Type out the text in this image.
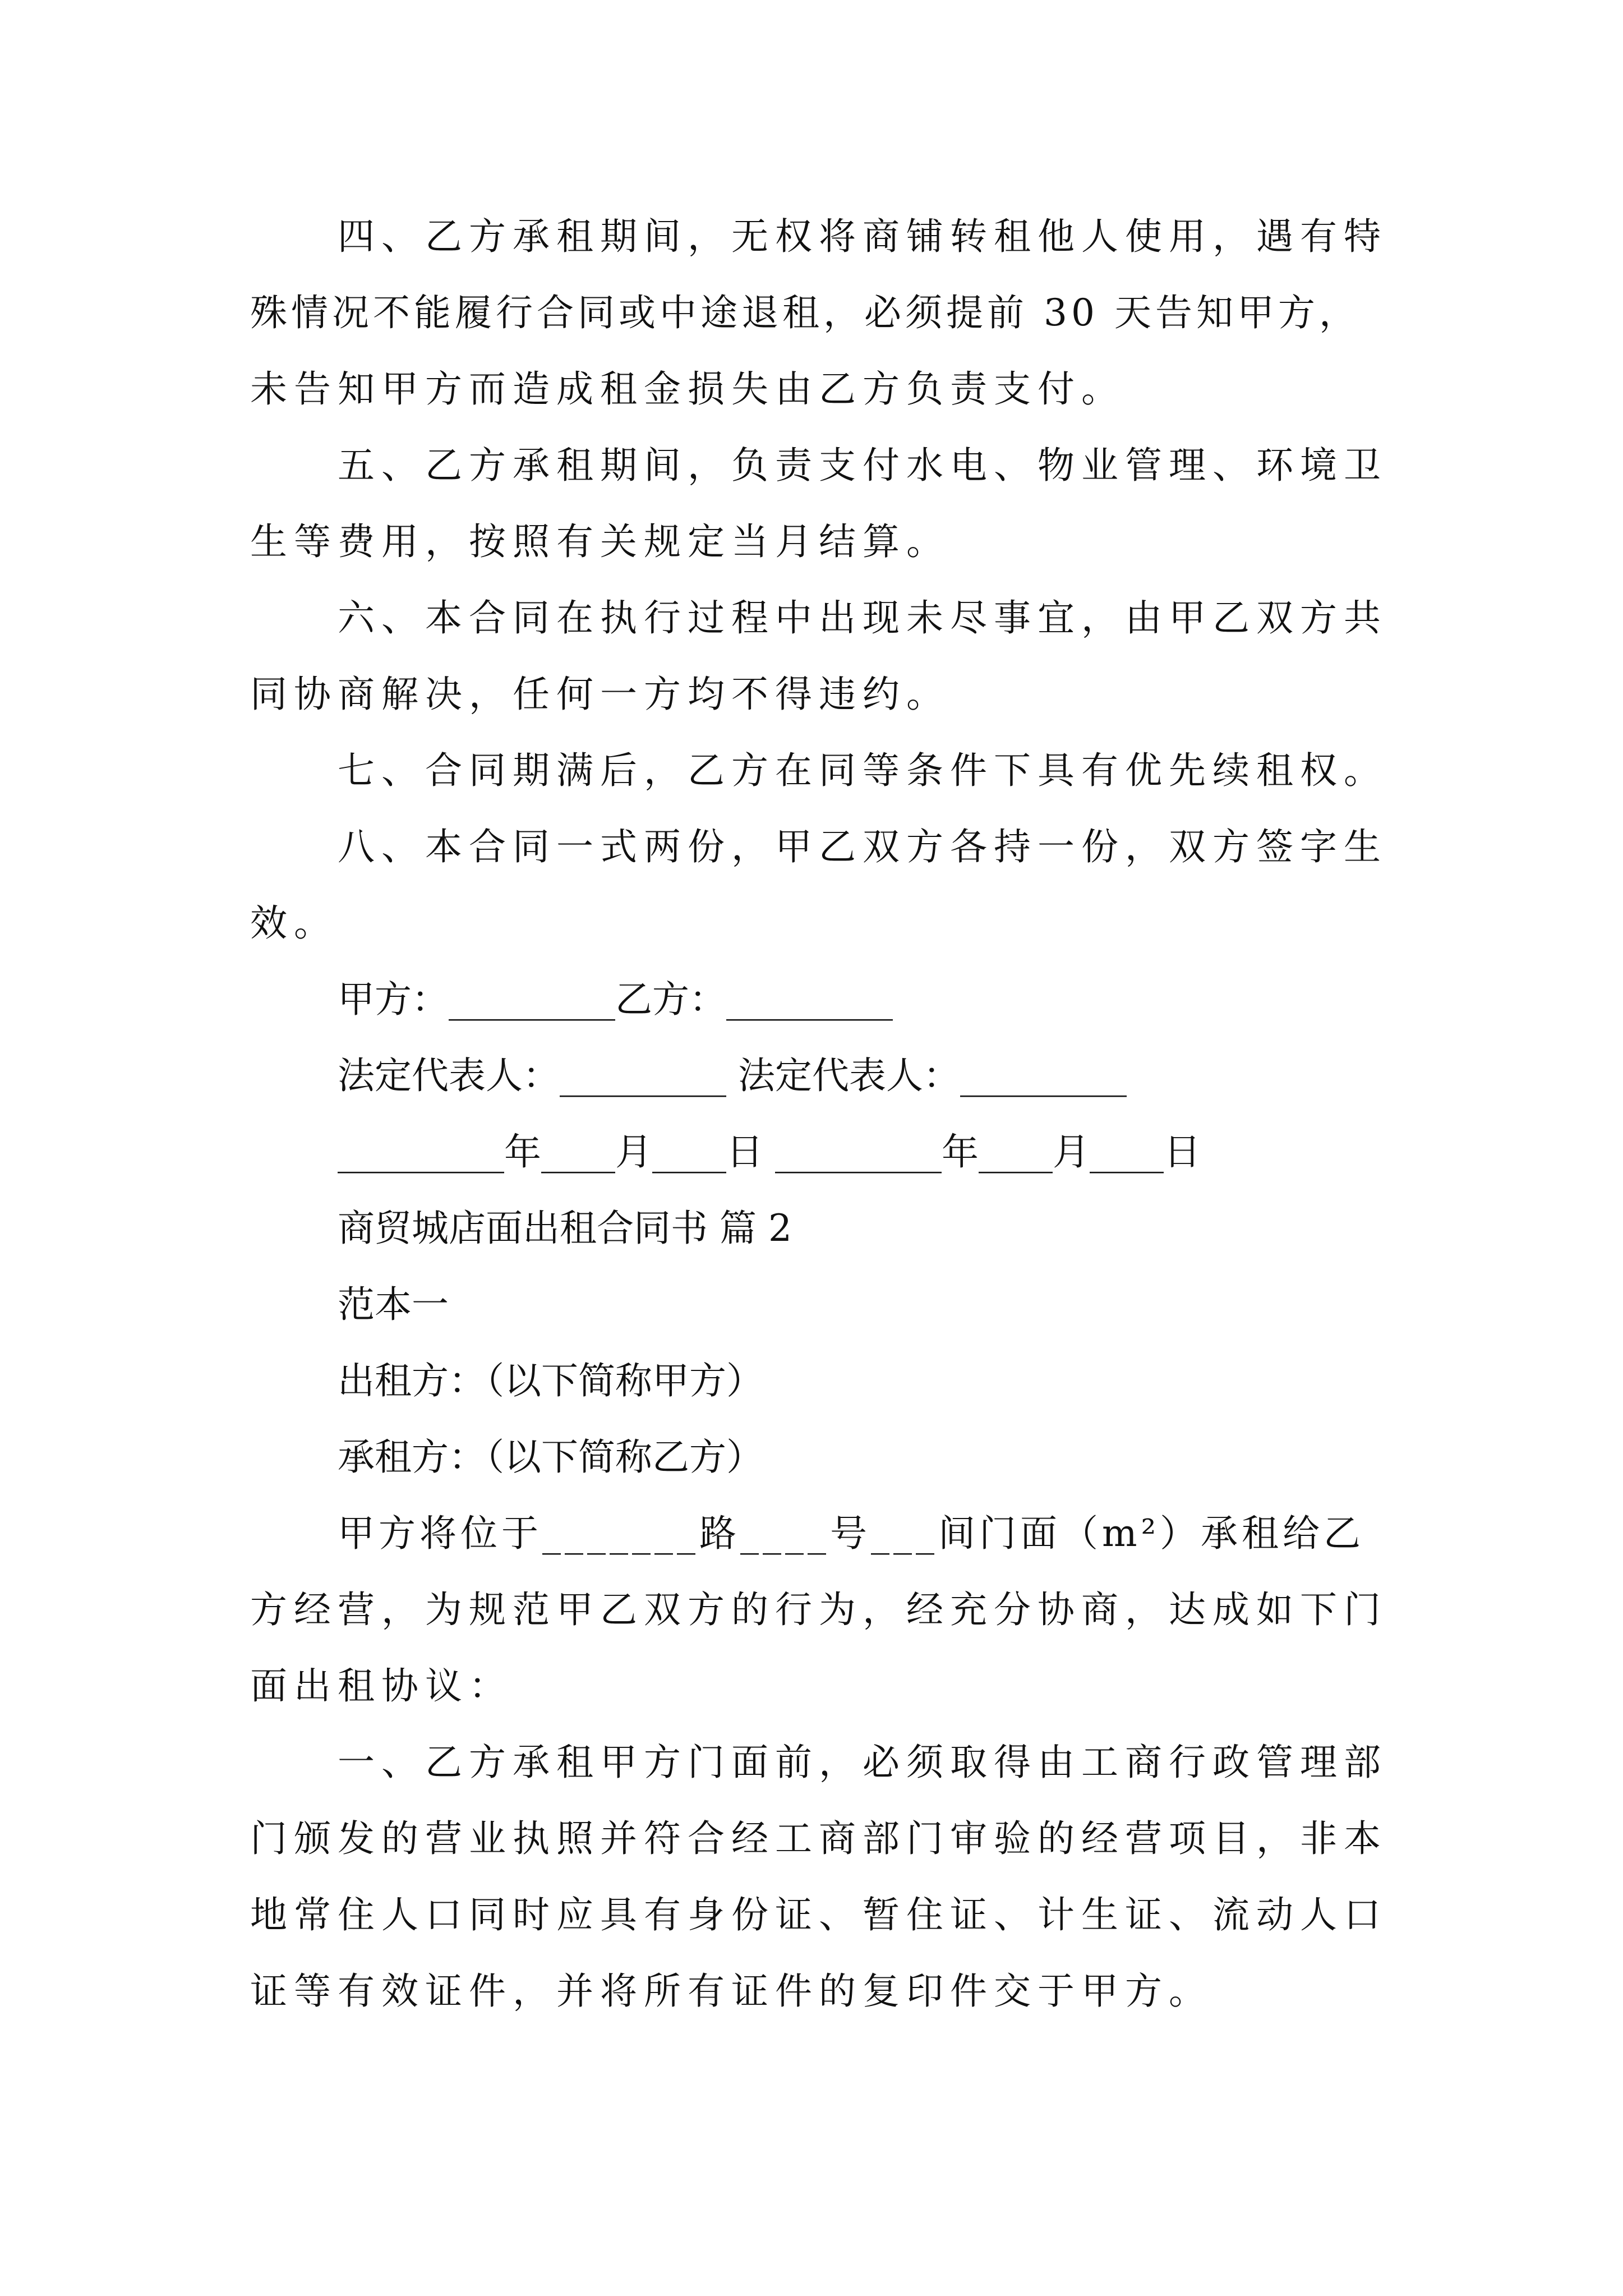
四、乙方承租期间，无权将商铺转租他人使用，遇有特
殊情况不能履行合同或中途退租，必须提前 30 天告知甲方，
未告知甲方而造成租金损失由乙方负责支付。
五、乙方承租期间，负责支付水电、物业管理、环境卫
生等费用，按照有关规定当月结算。
六、本合同在执行过程中出现未尽事宜，由甲乙双方共
同协商解决，任何一方均不得违约。
七、合同期满后，乙方在同等条件下具有优先续租权。
八、本合同一式两份，甲乙双方各持一份，双方签字生
效。
甲方：_________乙方：_________
法定代表人：_________ 法定代表人：_________
_________年____月____日 _________年____月____日
商贸城店面出租合同书 篇 2
范本一
出租方：（以下简称甲方）
承租方：（以下简称乙方）
甲方将位于_______路____号___间门面（m²）承租给乙
方经营，为规范甲乙双方的行为，经充分协商，达成如下门
面出租协议：
一、乙方承租甲方门面前，必须取得由工商行政管理部
门颁发的营业执照并符合经工商部门审验的经营项目，非本
地常住人口同时应具有身份证、暂住证、计生证、流动人口
证等有效证件，并将所有证件的复印件交于甲方。
